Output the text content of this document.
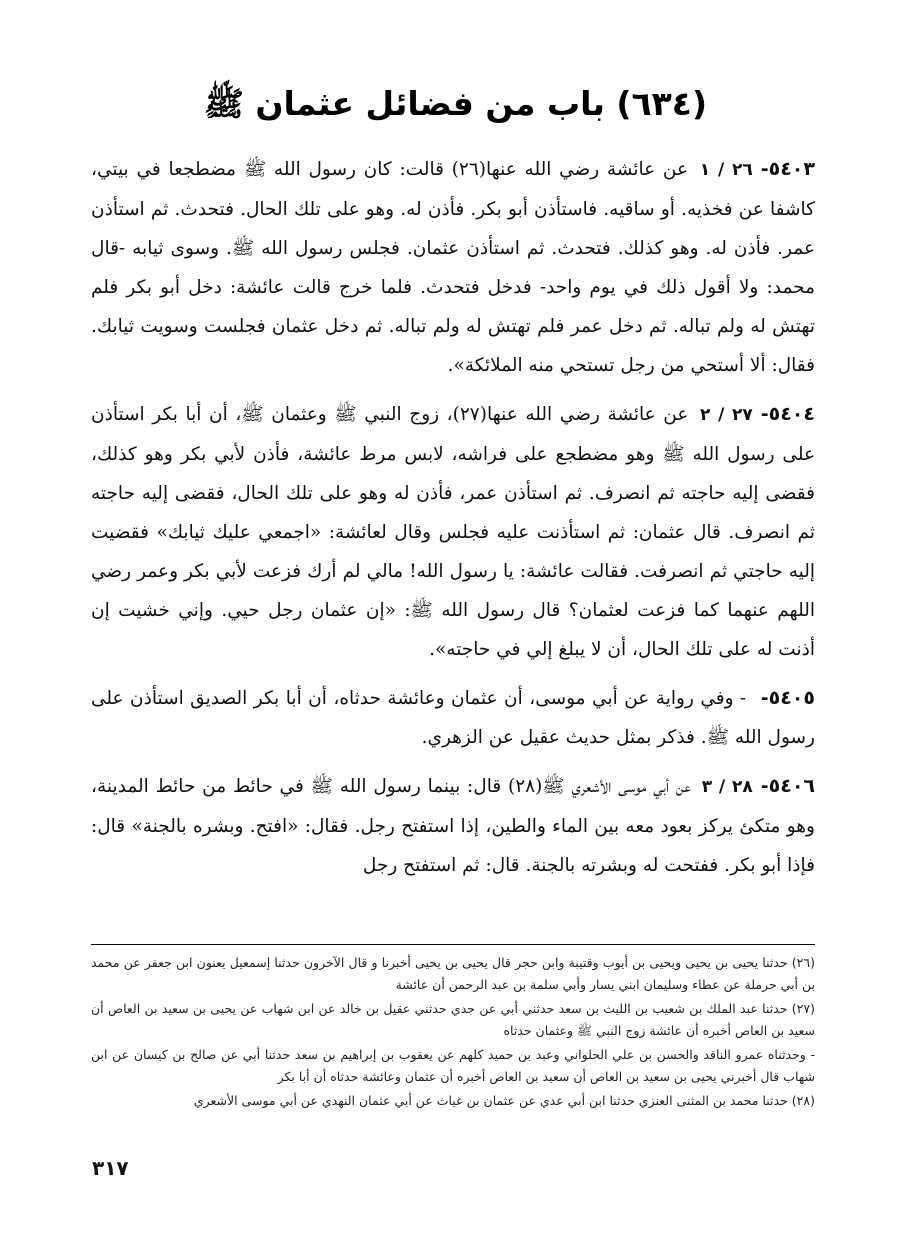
(٦٣٤) باب من فضائل عثمان ﷺ

٥٤٠٣-٢٦ / ١ عن عائشة رضي الله عنها(٢٦) قالت: كان رسول الله ﷺ مضطجعا في بيتي، كاشفا عن فخذيه. أو ساقيه. فاستأذن أبو بكر. فأذن له. وهو على تلك الحال. فتحدث. ثم استأذن عمر. فأذن له. وهو كذلك. فتحدث. ثم استأذن عثمان. فجلس رسول الله ﷺ. وسوى ثيابه -قال محمد: ولا أقول ذلك في يوم واحد- فدخل فتحدث. فلما خرج قالت عائشة: دخل أبو بكر فلم تهتش له ولم تباله. ثم دخل عمر فلم تهتش له ولم تباله. ثم دخل عثمان فجلست وسويت ثيابك. فقال: ألا أستحي من رجل تستحي منه الملائكة».

٥٤٠٤-٢٧ / ٢ عن عائشة رضي الله عنها(٢٧)، زوج النبي ﷺ وعثمان ﷺ، أن أبا بكر استأذن على رسول الله ﷺ وهو مضطجع على فراشه، لابس مرط عائشة، فأذن لأبي بكر وهو كذلك، فقضى إليه حاجته ثم انصرف. ثم استأذن عمر، فأذن له وهو على تلك الحال، فقضى إليه حاجته ثم انصرف. قال عثمان: ثم استأذنت عليه فجلس وقال لعائشة: «اجمعي عليك ثيابك» فقضيت إليه حاجتي ثم انصرفت. فقالت عائشة: يا رسول الله! مالي لم أرك فزعت لأبي بكر وعمر رضي اللهم عنهما كما فزعت لعثمان؟ قال رسول الله ﷺ: «إن عثمان رجل حيي. وإني خشيت إن أذنت له على تلك الحال، أن لا يبلغ إلي في حاجته».

٥٤٠٥- - وفي رواية عن أبي موسى، أن عثمان وعائشة حدثاه، أن أبا بكر الصديق استأذن على رسول الله ﷺ. فذكر بمثل حديث عقيل عن الزهري.

٥٤٠٦-٢٨ / ٣ عن أبي موسى الأشعري ﷺ(٢٨) قال: بينما رسول الله ﷺ في حائط من حائط المدينة، وهو متكئ يركز بعود معه بين الماء والطين، إذا استفتح رجل. فقال: «افتح. وبشره بالجنة» قال: فإذا أبو بكر. ففتحت له وبشرته بالجنة. قال: ثم استفتح رجل

(٢٦) حدثنا يحيى بن يحيى ويحيى بن أيوب وقتيبة وابن حجر قال يحيى بن يحيى أخبرنا و قال الآخرون حدثنا إسمعيل يعنون ابن جعفر عن محمد بن أبي حرملة عن عطاء وسليمان ابني يسار وأبي سلمة بن عبد الرحمن أن عائشة

(٢٧) حدثنا عبد الملك بن شعيب بن الليث بن سعد حدثني أبي عن جدي حدثني عقيل بن خالد عن ابن شهاب عن يحيى بن سعيد بن العاص أن سعيد بن العاص أخبره أن عائشة زوج النبي ﷺ وعثمان حدثاه

- وحدثناه عمرو الناقد والحسن بن علي الحلواني وعبد بن حميد كلهم عن يعقوب بن إبراهيم بن سعد حدثنا أبي عن صالح بن كيسان عن ابن شهاب قال أخبرني يحيى بن سعيد بن العاص أن سعيد بن العاص أخبره أن عثمان وعائشة حدثاه أن أبا بكر

(٢٨) حدثنا محمد بن المثنى العنزي حدثنا ابن أبي عدي عن عثمان بن غياث عن أبي عثمان النهدي عن أبي موسى الأشعري

٣١٧
